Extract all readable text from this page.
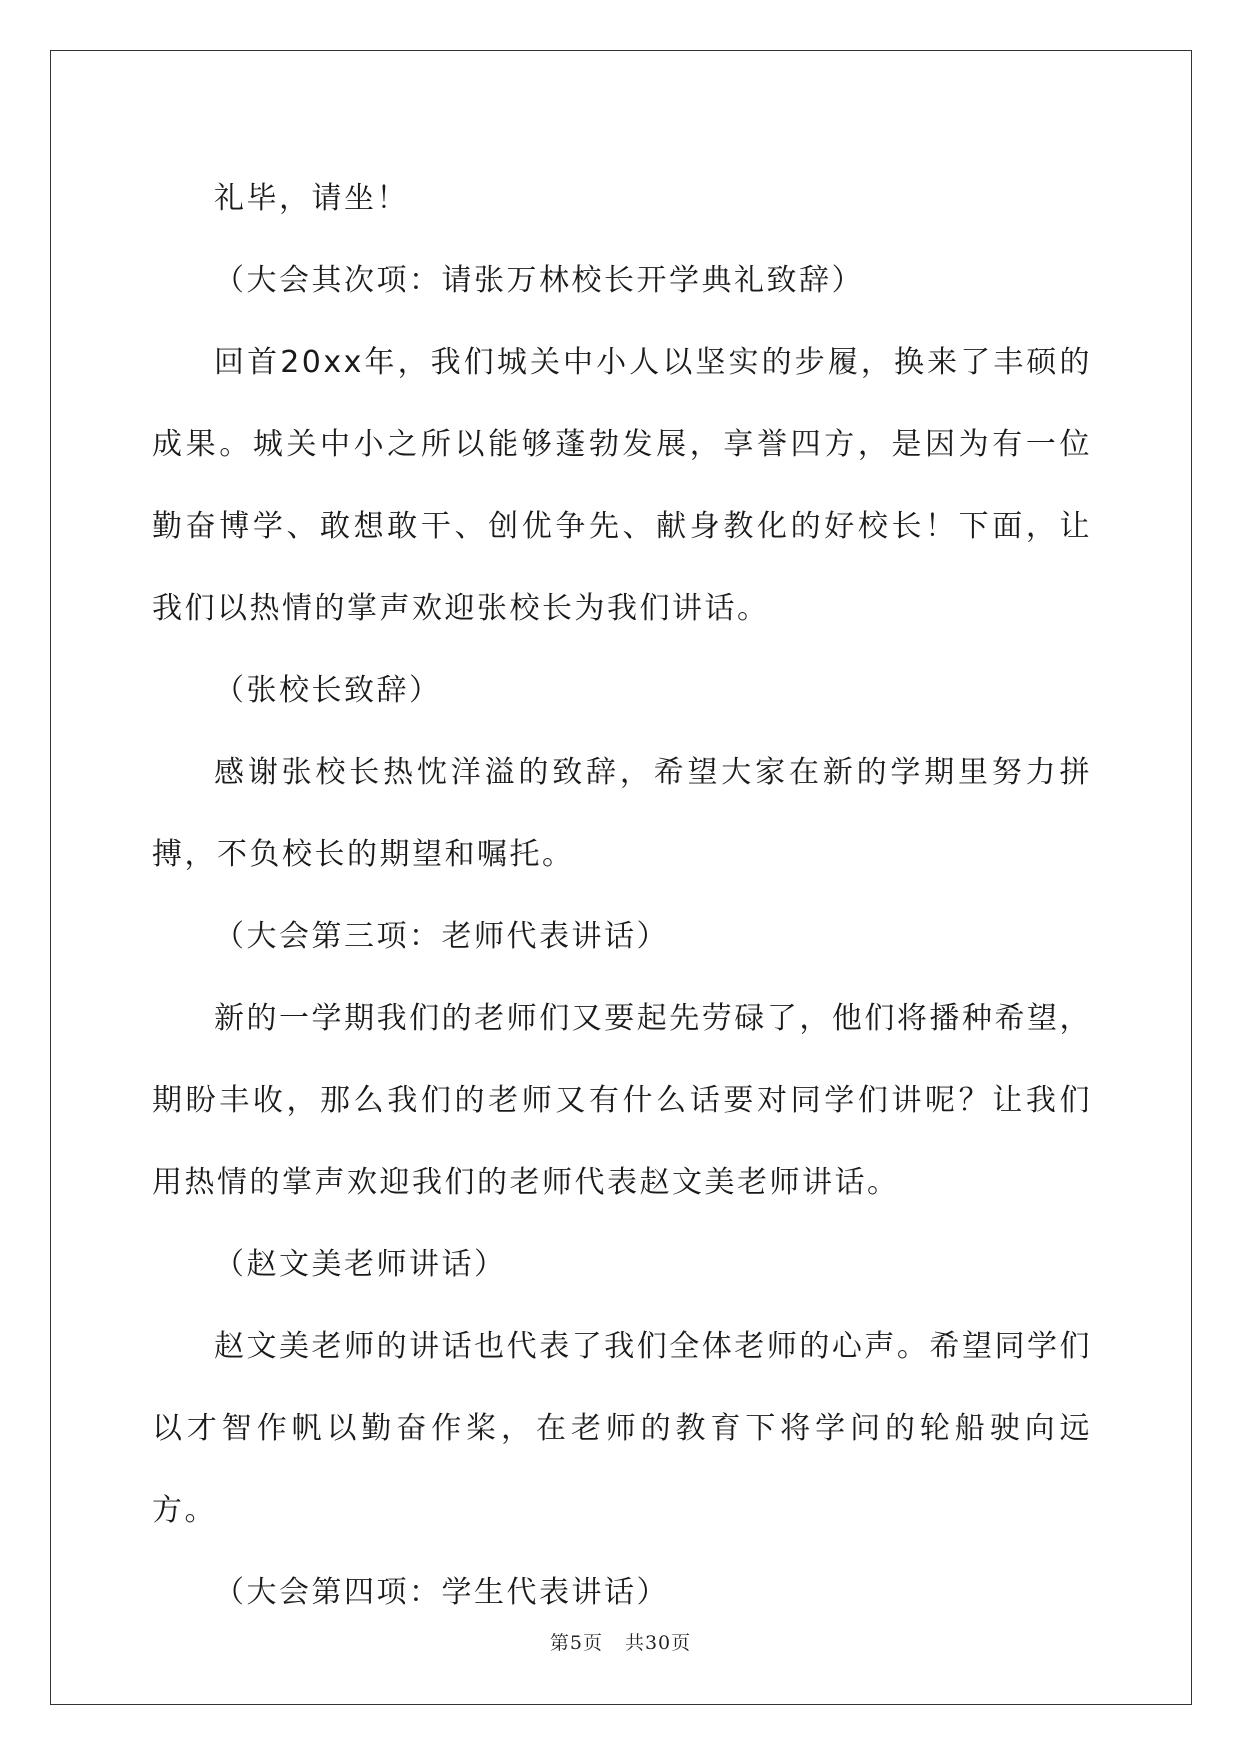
礼毕，请坐！

（大会其次项：请张万林校长开学典礼致辞）

回首20xx年，我们城关中小人以坚实的步履，换来了丰硕的成果。城关中小之所以能够蓬勃发展，享誉四方，是因为有一位勤奋博学、敢想敢干、创优争先、献身教化的好校长！下面，让我们以热情的掌声欢迎张校长为我们讲话。

（张校长致辞）

感谢张校长热忱洋溢的致辞，希望大家在新的学期里努力拼搏，不负校长的期望和嘱托。

（大会第三项：老师代表讲话）

新的一学期我们的老师们又要起先劳碌了，他们将播种希望，期盼丰收，那么我们的老师又有什么话要对同学们讲呢？让我们用热情的掌声欢迎我们的老师代表赵文美老师讲话。

（赵文美老师讲话）

赵文美老师的讲话也代表了我们全体老师的心声。希望同学们以才智作帆以勤奋作桨，在老师的教育下将学问的轮船驶向远方。

（大会第四项：学生代表讲话）

第5页 共30页
